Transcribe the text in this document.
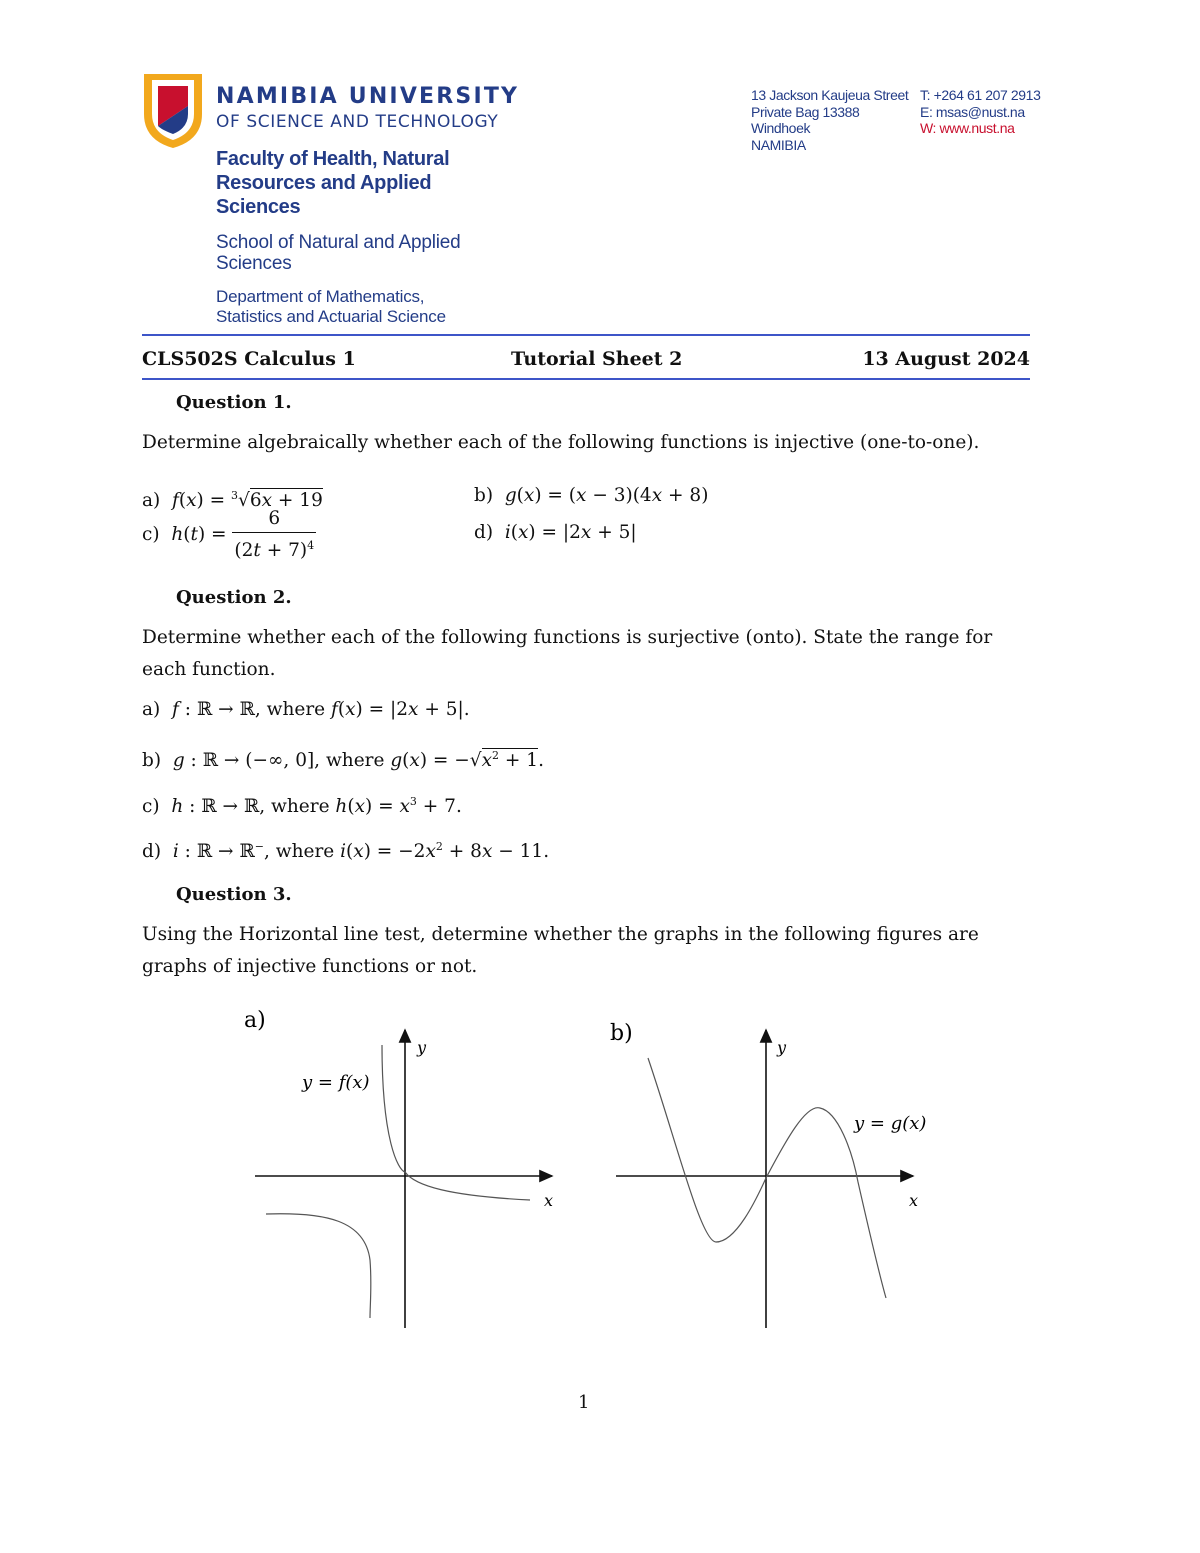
NAMIBIA UNIVERSITY
OF SCIENCE AND TECHNOLOGY
Faculty of Health, Natural
Resources and Applied
Sciences
School of Natural and Applied
Sciences
Department of Mathematics,
Statistics and Actuarial Science
13 Jackson Kaujeua Street
Private Bag 13388
Windhoek
NAMIBIA
T: +264 61 207 2913
E: msas@nust.na
W: www.nust.na
CLS502S Calculus 1	Tutorial Sheet 2	13 August 2024
Question 1.
Determine algebraically whether each of the following functions is injective (one-to-one).
a) f(x) = $^3$√6x + 19	b) g(x) = (x − 3)(4x + 8)
c) $h(t) = \frac{6}{(2t + 7)^4}$	d) i(x) = |2x + 5|
Question 2.
Determine whether each of the following functions is surjective (onto). State the range for each function.
a) f : ℝ → ℝ, where f(x) = |2x + 5|.
b) g : ℝ → (−∞, 0], where $g(x) = -√x^2 + 1$.
c) h : ℝ → ℝ, where $h(x) = x^3 + 7$.
d) i : ℝ → ℝ−, where $i(x) = -2x^2 + 8x - 11$.
Question 3.
Using the Horizontal line test, determine whether the graphs in the following figures are graphs of injective functions or not.
a)
y
x
y = f(x)
b)
y
x
y = g(x)
1
